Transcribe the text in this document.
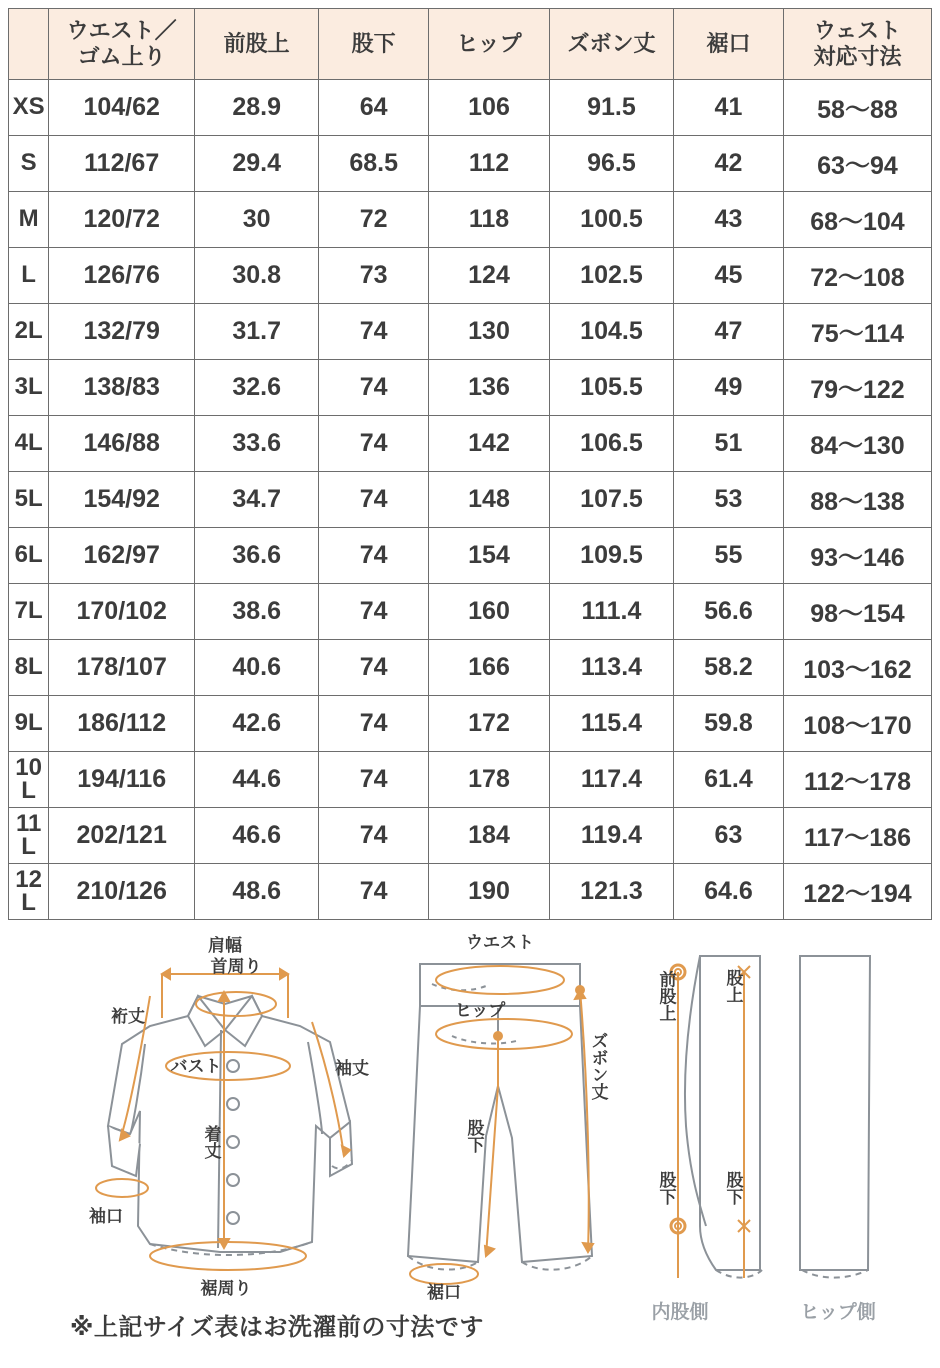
	ウエスト／
ゴム上り	前股上	股下	ヒップ	ズボン丈	裾口	ウェスト
対応寸法
XS	104/62	28.9	64	106	91.5	41	58〜88
S	112/67	29.4	68.5	112	96.5	42	63〜94
M	120/72	30	72	118	100.5	43	68〜104
L	126/76	30.8	73	124	102.5	45	72〜108
2L	132/79	31.7	74	130	104.5	47	75〜114
3L	138/83	32.6	74	136	105.5	49	79〜122
4L	146/88	33.6	74	142	106.5	51	84〜130
5L	154/92	34.7	74	148	107.5	53	88〜138
6L	162/97	36.6	74	154	109.5	55	93〜146
7L	170/102	38.6	74	160	111.4	56.6	98〜154
8L	178/107	40.6	74	166	113.4	58.2	103〜162
9L	186/112	42.6	74	172	115.4	59.8	108〜170
10L	194/116	44.6	74	178	117.4	61.4	112〜178
11L	202/121	46.6	74	184	119.4	63	117〜186
12L	210/126	48.6	74	190	121.3	64.6	122〜194
肩幅
首周り
裄丈
バスト	袖丈
着丈
袖口
裾周り
ウエスト
ヒップ
股下
ズボン丈
裾口
前股上	股上
股下	股下
内股側	ヒップ側
※上記サイズ表はお洗濯前の寸法です
